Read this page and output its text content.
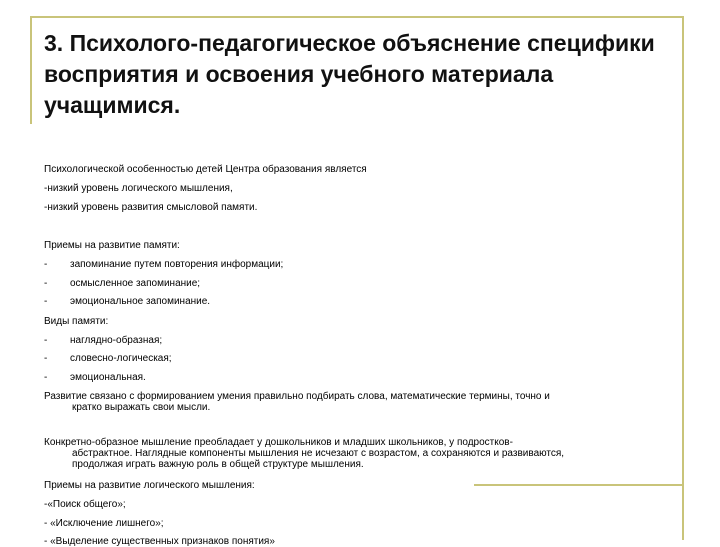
3. Психолого-педагогическое объяснение специфики восприятия и освоения учебного материала учащимися.
Психологической особенностью детей Центра образования является
-низкий уровень логического мышления,
-низкий уровень развития смысловой памяти.
Приемы на развитие памяти:
- запоминание путем повторения информации;
- осмысленное запоминание;
- эмоциональное запоминание.
Виды памяти:
- наглядно-образная;
- словесно-логическая;
- эмоциональная.
Развитие связано с формированием умения правильно подбирать слова, математические термины, точно и
кратко выражать свои мысли.
Конкретно-образное мышление преобладает у дошкольников и младших школьников, у подростков-
абстрактное. Наглядные компоненты мышления не исчезают с возрастом, а сохраняются и развиваются,
продолжая играть важную роль в общей структуре мышления.
Приемы на развитие логического мышления:
-«Поиск общего»;
- «Исключение лишнего»;
- «Выделение существенных признаков понятия»
